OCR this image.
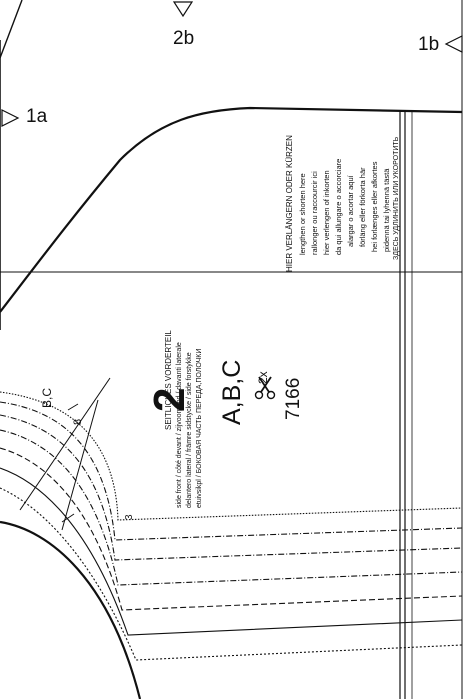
1a
2b	1b
2
SEITLICHES VORDERTEIL side front / côté devant / zijvoorpand / davanti laterale delantero lateral / främre sidstycke / side forstykke etuivsikpl / БОКОВАЯ ЧАСТЬ ПЕРЕДА,ПОЛОЧКИ A,B,C 2x
7166
HIER VERLÄNGERN ODER KÜRZEN lengthen or shorten here rallonger ou raccourcir ici hier verlengen of inkorten da qui allungare o accorciare alargar o acortar aquí förläng eller förkorta här hei forlænges eller afkortes pidennä tai lyhennä tästä ЗДЕСЬ УДЛИНИТЬ ИЛИ УКОРОТИТЬ
B,C
8
3
